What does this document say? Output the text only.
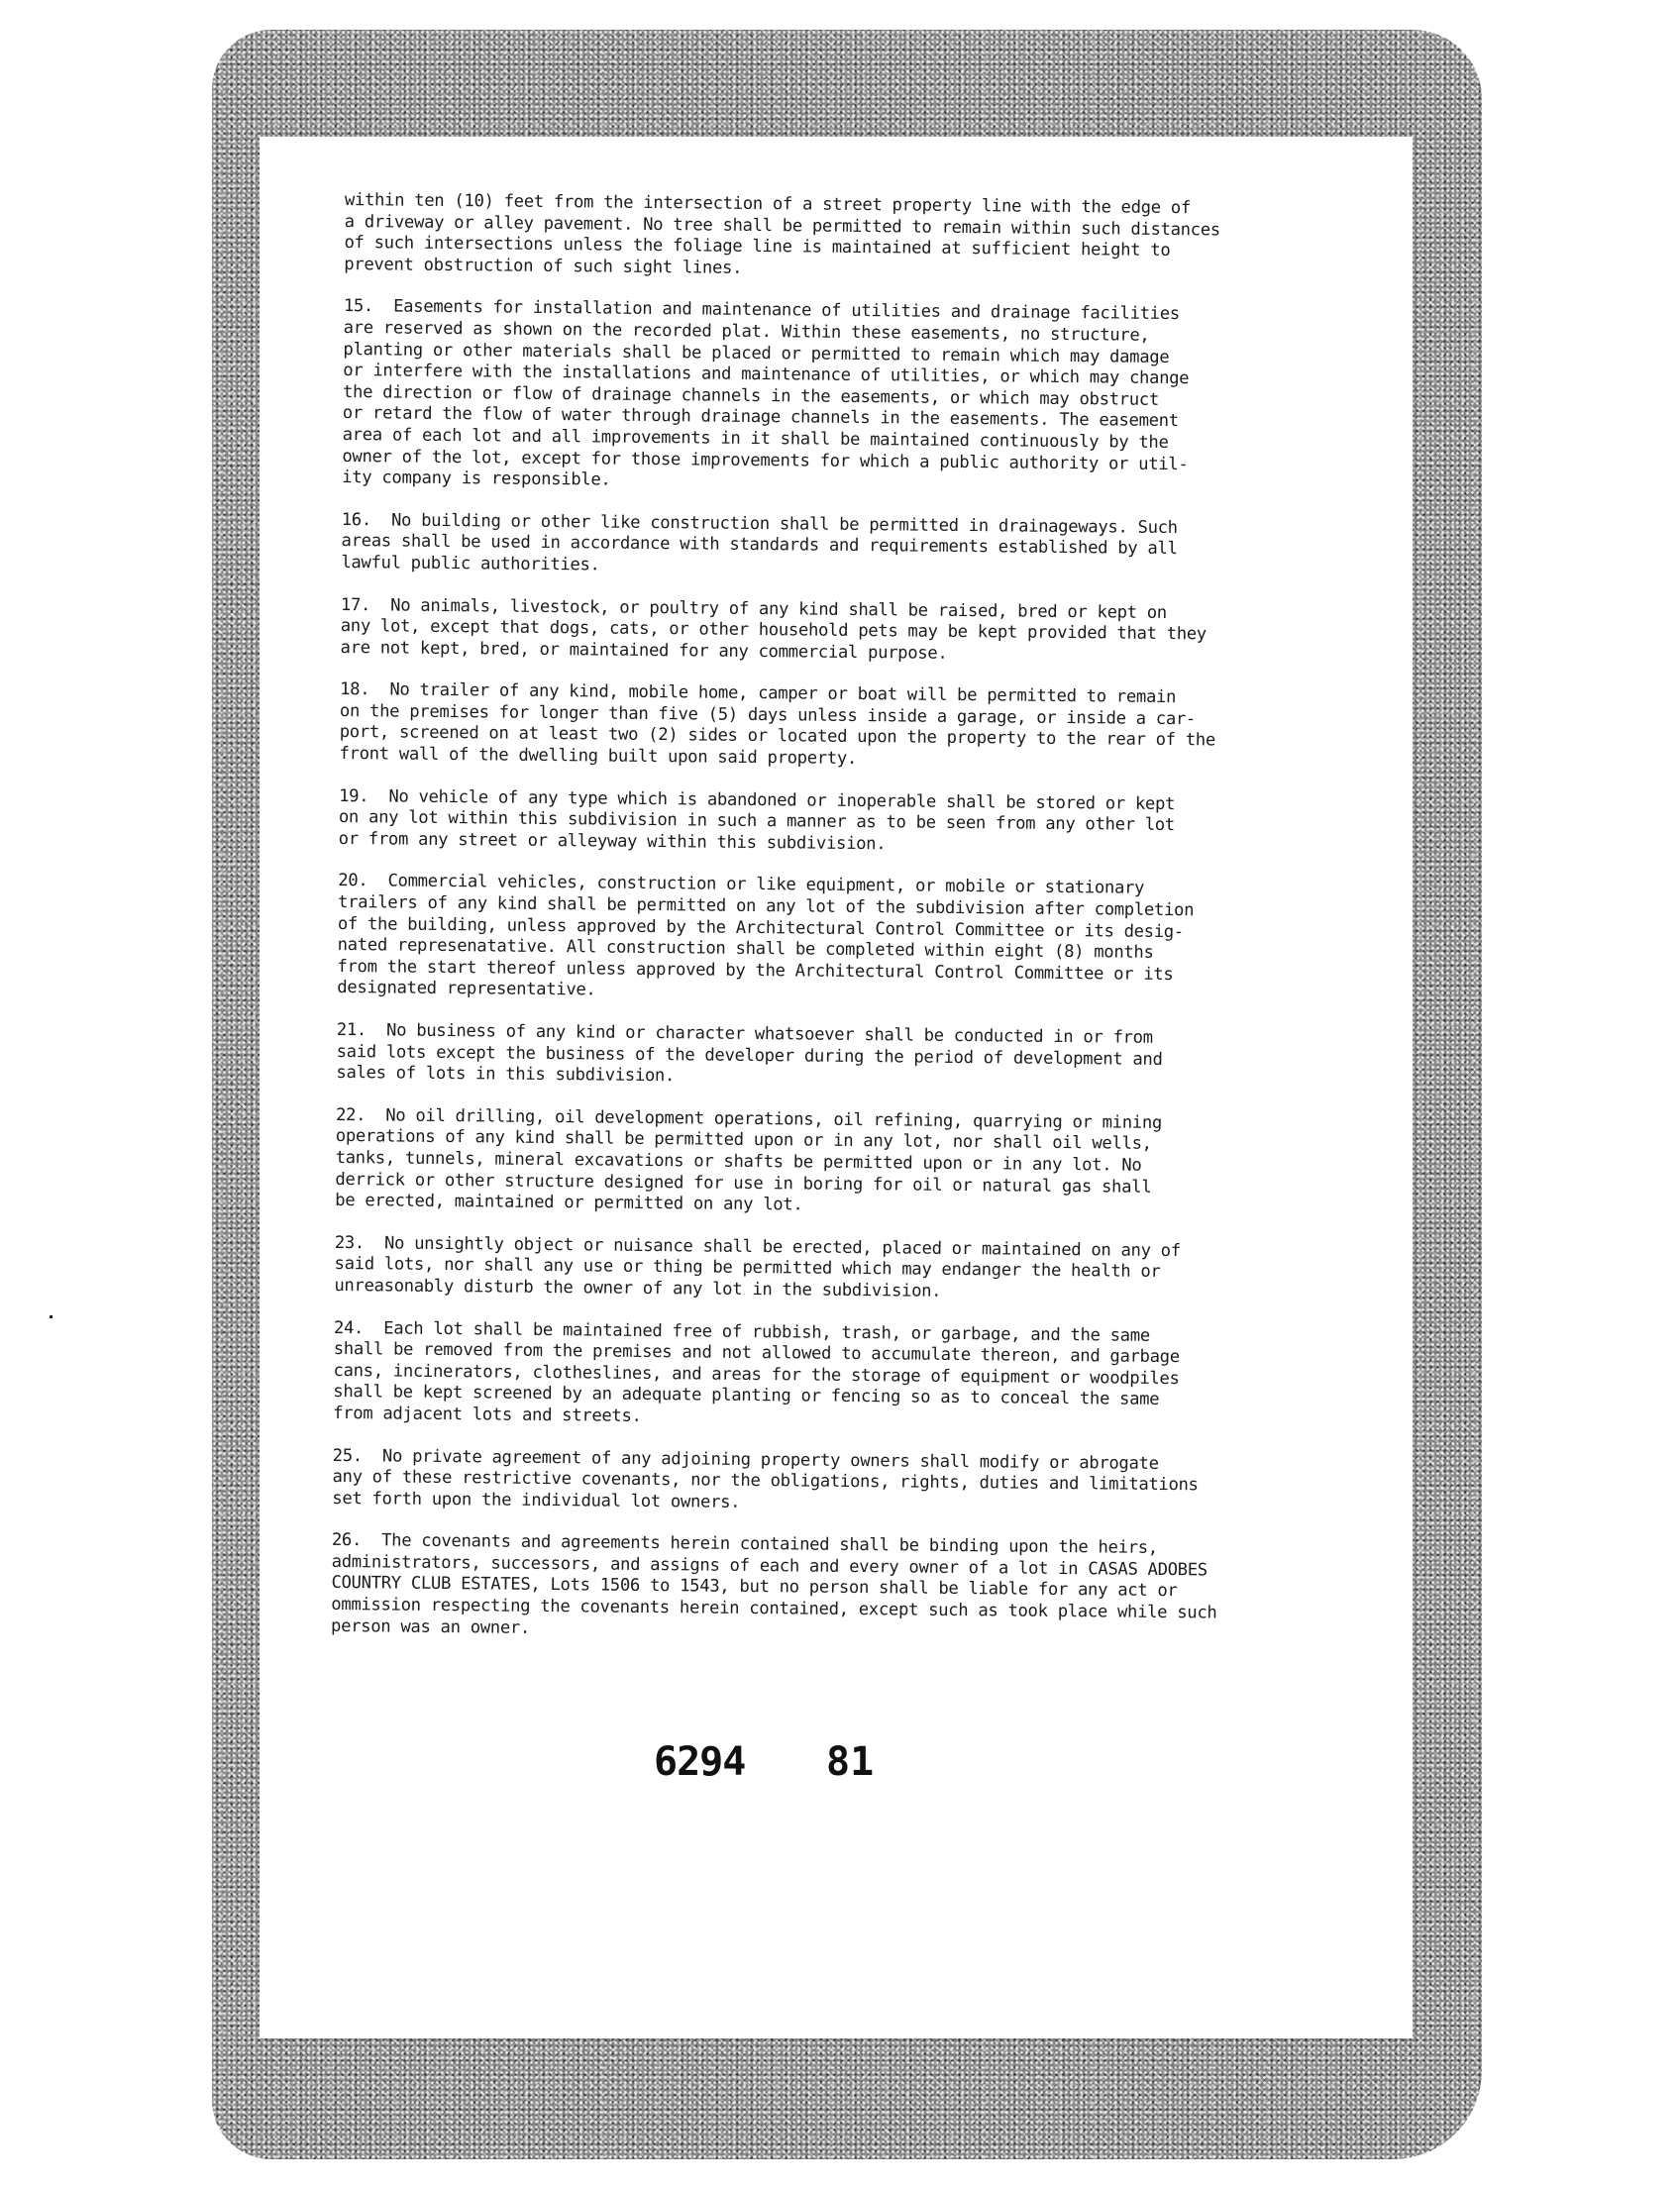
within ten (10) feet from the intersection of a street property line with the edge of
a driveway or alley pavement. No tree shall be permitted to remain within such distances
of such intersections unless the foliage line is maintained at sufficient height to
prevent obstruction of such sight lines.

15.  Easements for installation and maintenance of utilities and drainage facilities
are reserved as shown on the recorded plat. Within these easements, no structure,
planting or other materials shall be placed or permitted to remain which may damage
or interfere with the installations and maintenance of utilities, or which may change
the direction or flow of drainage channels in the easements, or which may obstruct
or retard the flow of water through drainage channels in the easements. The easement
area of each lot and all improvements in it shall be maintained continuously by the
owner of the lot, except for those improvements for which a public authority or util-
ity company is responsible.

16.  No building or other like construction shall be permitted in drainageways. Such
areas shall be used in accordance with standards and requirements established by all
lawful public authorities.

17.  No animals, livestock, or poultry of any kind shall be raised, bred or kept on
any lot, except that dogs, cats, or other household pets may be kept provided that they
are not kept, bred, or maintained for any commercial purpose.

18.  No trailer of any kind, mobile home, camper or boat will be permitted to remain
on the premises for longer than five (5) days unless inside a garage, or inside a car-
port, screened on at least two (2) sides or located upon the property to the rear of the
front wall of the dwelling built upon said property.

19.  No vehicle of any type which is abandoned or inoperable shall be stored or kept
on any lot within this subdivision in such a manner as to be seen from any other lot
or from any street or alleyway within this subdivision.

20.  Commercial vehicles, construction or like equipment, or mobile or stationary
trailers of any kind shall be permitted on any lot of the subdivision after completion
of the building, unless approved by the Architectural Control Committee or its desig-
nated represenatative. All construction shall be completed within eight (8) months
from the start thereof unless approved by the Architectural Control Committee or its
designated representative.

21.  No business of any kind or character whatsoever shall be conducted in or from
said lots except the business of the developer during the period of development and
sales of lots in this subdivision.

22.  No oil drilling, oil development operations, oil refining, quarrying or mining
operations of any kind shall be permitted upon or in any lot, nor shall oil wells,
tanks, tunnels, mineral excavations or shafts be permitted upon or in any lot. No
derrick or other structure designed for use in boring for oil or natural gas shall
be erected, maintained or permitted on any lot.

23.  No unsightly object or nuisance shall be erected, placed or maintained on any of
said lots, nor shall any use or thing be permitted which may endanger the health or
unreasonably disturb the owner of any lot in the subdivision.

24.  Each lot shall be maintained free of rubbish, trash, or garbage, and the same
shall be removed from the premises and not allowed to accumulate thereon, and garbage
cans, incinerators, clotheslines, and areas for the storage of equipment or woodpiles
shall be kept screened by an adequate planting or fencing so as to conceal the same
from adjacent lots and streets.

25.  No private agreement of any adjoining property owners shall modify or abrogate
any of these restrictive covenants, nor the obligations, rights, duties and limitations
set forth upon the individual lot owners.

26.  The covenants and agreements herein contained shall be binding upon the heirs,
administrators, successors, and assigns of each and every owner of a lot in CASAS ADOBES
COUNTRY CLUB ESTATES, Lots 1506 to 1543, but no person shall be liable for any act or
ommission respecting the covenants herein contained, except such as took place while such
person was an owner.

6294 81
